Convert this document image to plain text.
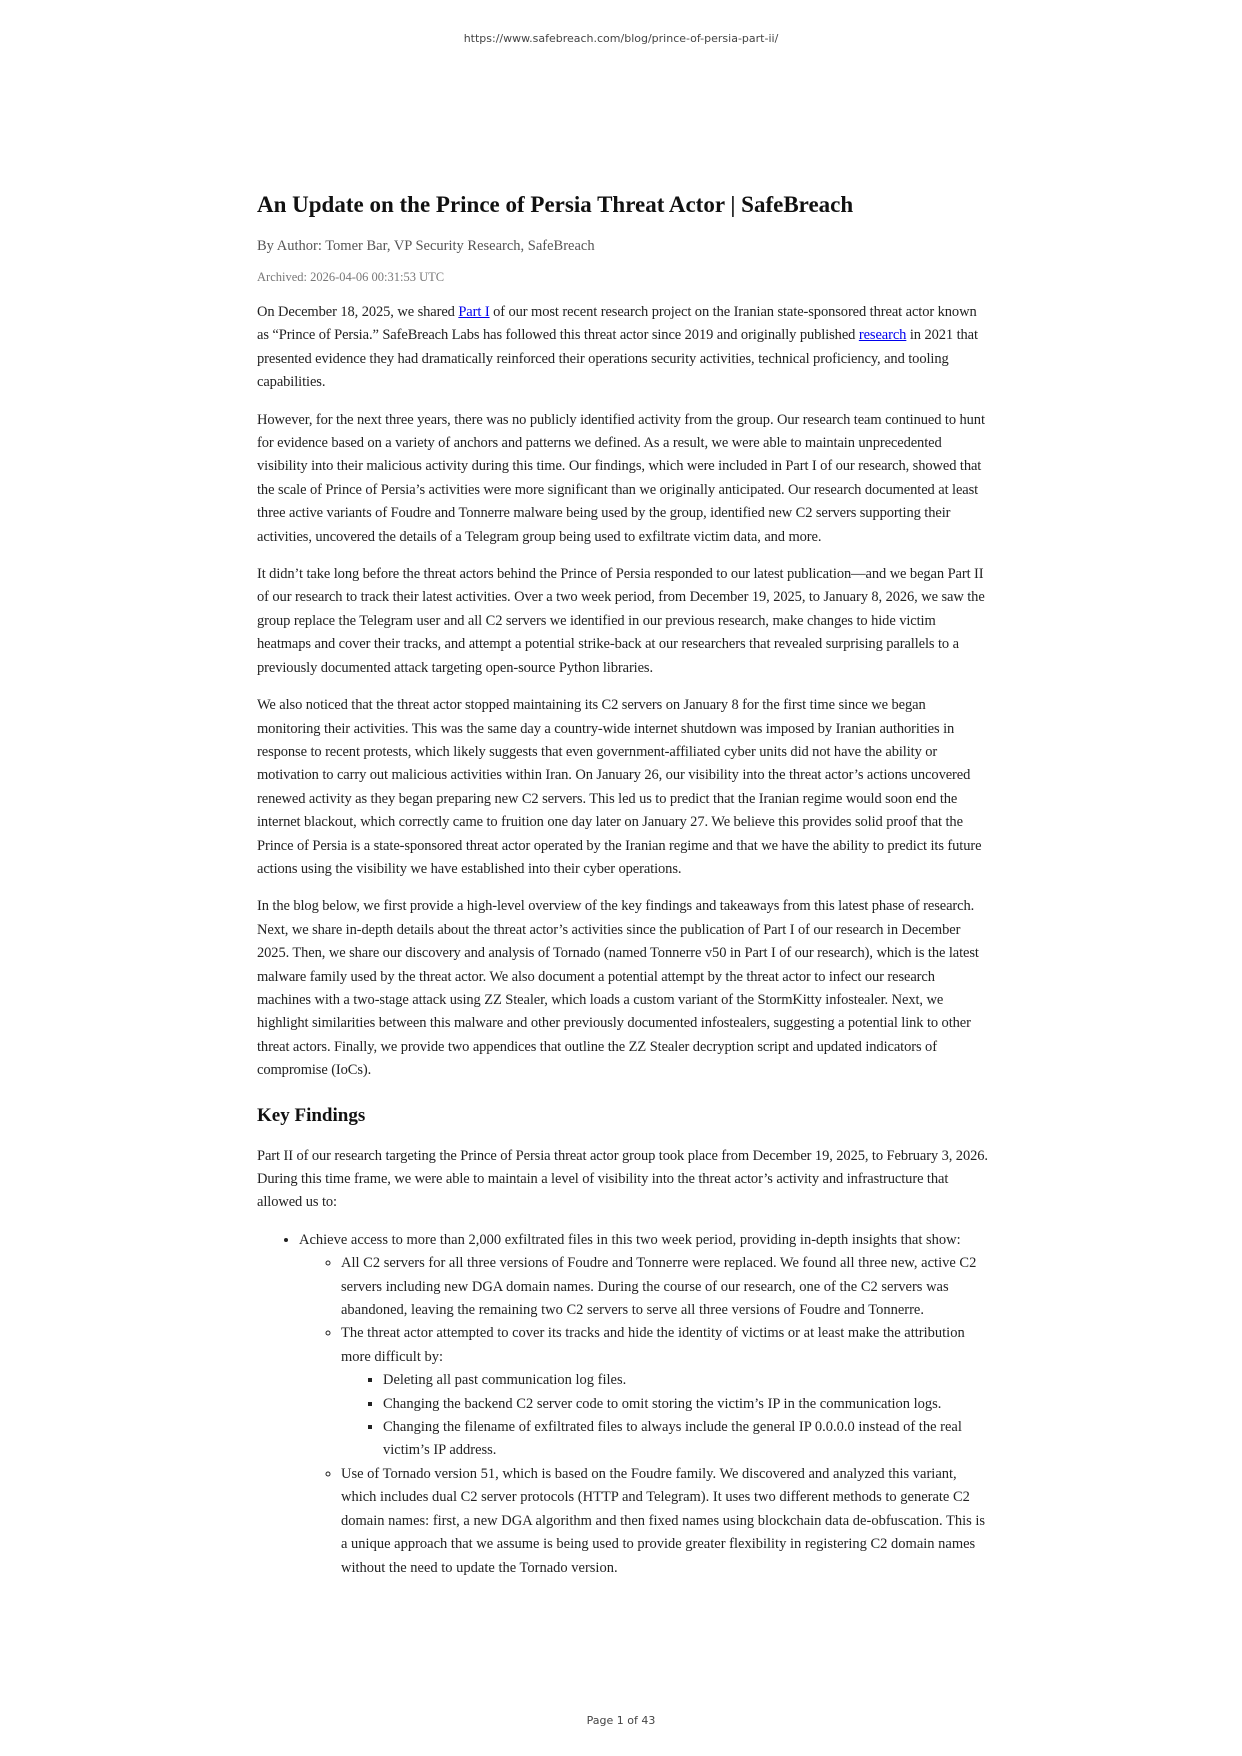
https://www.safebreach.com/blog/prince-of-persia-part-ii/
An Update on the Prince of Persia Threat Actor | SafeBreach
By Author: Tomer Bar, VP Security Research, SafeBreach
Archived: 2026-04-06 00:31:53 UTC

On December 18, 2025, we shared Part I of our most recent research project on the Iranian state-sponsored threat actor known as “Prince of Persia.” SafeBreach Labs has followed this threat actor since 2019 and originally published research in 2021 that presented evidence they had dramatically reinforced their operations security activities, technical proficiency, and tooling capabilities.

However, for the next three years, there was no publicly identified activity from the group. Our research team continued to hunt for evidence based on a variety of anchors and patterns we defined. As a result, we were able to maintain unprecedented visibility into their malicious activity during this time. Our findings, which were included in Part I of our research, showed that the scale of Prince of Persia’s activities were more significant than we originally anticipated. Our research documented at least three active variants of Foudre and Tonnerre malware being used by the group, identified new C2 servers supporting their activities, uncovered the details of a Telegram group being used to exfiltrate victim data, and more.

It didn’t take long before the threat actors behind the Prince of Persia responded to our latest publication—and we began Part II of our research to track their latest activities. Over a two week period, from December 19, 2025, to January 8, 2026, we saw the group replace the Telegram user and all C2 servers we identified in our previous research, make changes to hide victim heatmaps and cover their tracks, and attempt a potential strike-back at our researchers that revealed surprising parallels to a previously documented attack targeting open-source Python libraries.

We also noticed that the threat actor stopped maintaining its C2 servers on January 8 for the first time since we began monitoring their activities. This was the same day a country-wide internet shutdown was imposed by Iranian authorities in response to recent protests, which likely suggests that even government-affiliated cyber units did not have the ability or motivation to carry out malicious activities within Iran. On January 26, our visibility into the threat actor’s actions uncovered renewed activity as they began preparing new C2 servers. This led us to predict that the Iranian regime would soon end the internet blackout, which correctly came to fruition one day later on January 27. We believe this provides solid proof that the Prince of Persia is a state-sponsored threat actor operated by the Iranian regime and that we have the ability to predict its future actions using the visibility we have established into their cyber operations.

In the blog below, we first provide a high-level overview of the key findings and takeaways from this latest phase of research. Next, we share in-depth details about the threat actor’s activities since the publication of Part I of our research in December 2025. Then, we share our discovery and analysis of Tornado (named Tonnerre v50 in Part I of our research), which is the latest malware family used by the threat actor. We also document a potential attempt by the threat actor to infect our research machines with a two-stage attack using ZZ Stealer, which loads a custom variant of the StormKitty infostealer. Next, we highlight similarities between this malware and other previously documented infostealers, suggesting a potential link to other threat actors. Finally, we provide two appendices that outline the ZZ Stealer decryption script and updated indicators of compromise (IoCs).

Key Findings

Part II of our research targeting the Prince of Persia threat actor group took place from December 19, 2025, to February 3, 2026. During this time frame, we were able to maintain a level of visibility into the threat actor’s activity and infrastructure that allowed us to:

• Achieve access to more than 2,000 exfiltrated files in this two week period, providing in-depth insights that show:
◦ All C2 servers for all three versions of Foudre and Tonnerre were replaced. We found all three new, active C2 servers including new DGA domain names. During the course of our research, one of the C2 servers was abandoned, leaving the remaining two C2 servers to serve all three versions of Foudre and Tonnerre.
◦ The threat actor attempted to cover its tracks and hide the identity of victims or at least make the attribution more difficult by:
▪ Deleting all past communication log files.
▪ Changing the backend C2 server code to omit storing the victim’s IP in the communication logs.
▪ Changing the filename of exfiltrated files to always include the general IP 0.0.0.0 instead of the real victim’s IP address.
◦ Use of Tornado version 51, which is based on the Foudre family. We discovered and analyzed this variant, which includes dual C2 server protocols (HTTP and Telegram). It uses two different methods to generate C2 domain names: first, a new DGA algorithm and then fixed names using blockchain data de-obfuscation. This is a unique approach that we assume is being used to provide greater flexibility in registering C2 domain names without the need to update the Tornado version.
Page 1 of 43
